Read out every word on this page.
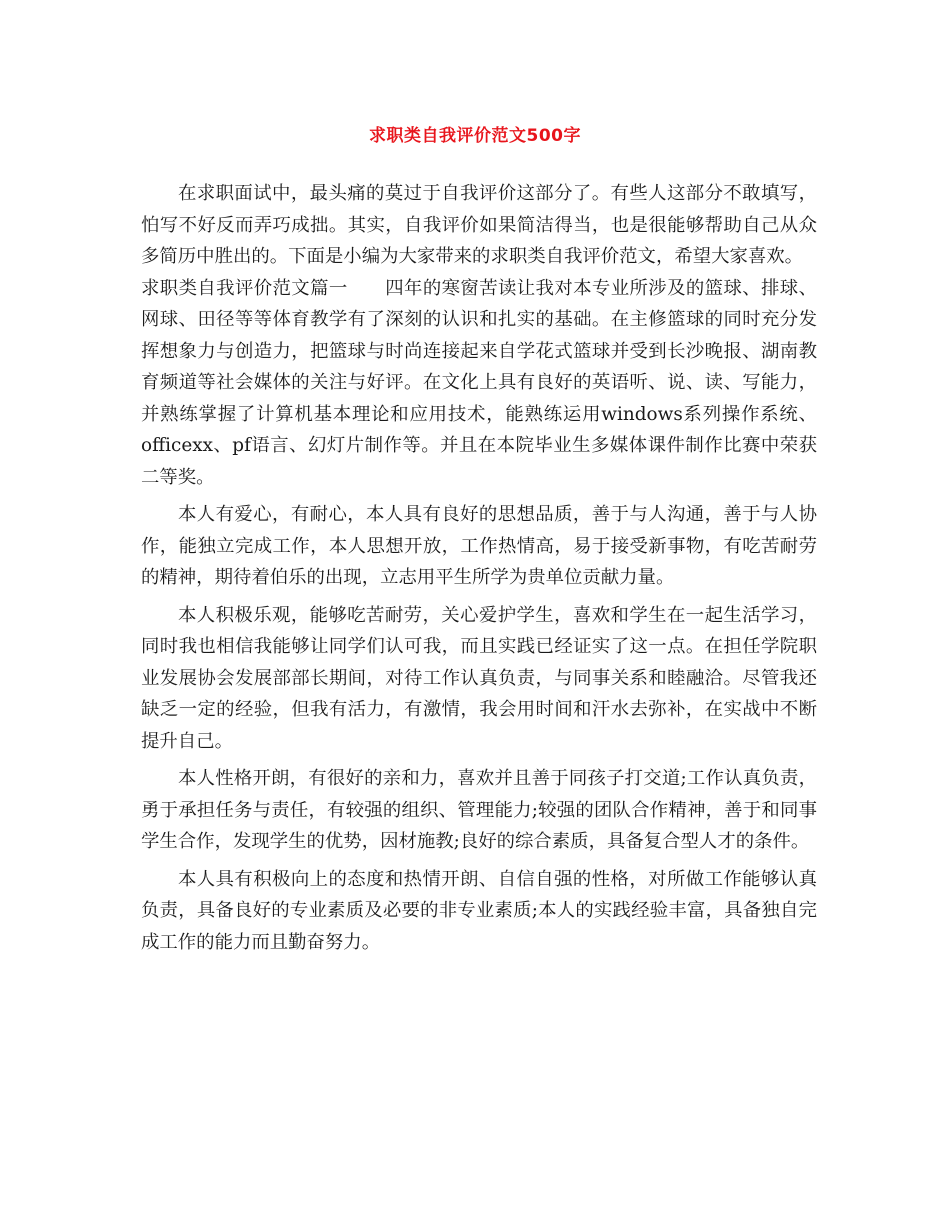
求职类自我评价范文500字

在求职面试中，最头痛的莫过于自我评价这部分了。有些人这部分不敢填写，怕写不好反而弄巧成拙。其实，自我评价如果简洁得当，也是很能够帮助自己从众多简历中胜出的。下面是小编为大家带来的求职类自我评价范文，希望大家喜欢。

求职类自我评价范文篇一　　四年的寒窗苦读让我对本专业所涉及的篮球、排球、网球、田径等等体育教学有了深刻的认识和扎实的基础。在主修篮球的同时充分发挥想象力与创造力，把篮球与时尚连接起来自学花式篮球并受到长沙晚报、湖南教育频道等社会媒体的关注与好评。在文化上具有良好的英语听、说、读、写能力，并熟练掌握了计算机基本理论和应用技术，能熟练运用windows系列操作系统、officexx、pf语言、幻灯片制作等。并且在本院毕业生多媒体课件制作比赛中荣获二等奖。

本人有爱心，有耐心，本人具有良好的思想品质，善于与人沟通，善于与人协作，能独立完成工作，本人思想开放，工作热情高，易于接受新事物，有吃苦耐劳的精神，期待着伯乐的出现，立志用平生所学为贵单位贡献力量。

本人积极乐观，能够吃苦耐劳，关心爱护学生，喜欢和学生在一起生活学习，同时我也相信我能够让同学们认可我，而且实践已经证实了这一点。在担任学院职业发展协会发展部部长期间，对待工作认真负责，与同事关系和睦融洽。尽管我还缺乏一定的经验，但我有活力，有激情，我会用时间和汗水去弥补，在实战中不断提升自己。

本人性格开朗，有很好的亲和力，喜欢并且善于同孩子打交道;工作认真负责，勇于承担任务与责任，有较强的组织、管理能力;较强的团队合作精神，善于和同事学生合作，发现学生的优势，因材施教;良好的综合素质，具备复合型人才的条件。

本人具有积极向上的态度和热情开朗、自信自强的性格，对所做工作能够认真负责，具备良好的专业素质及必要的非专业素质;本人的实践经验丰富，具备独自完成工作的能力而且勤奋努力。
